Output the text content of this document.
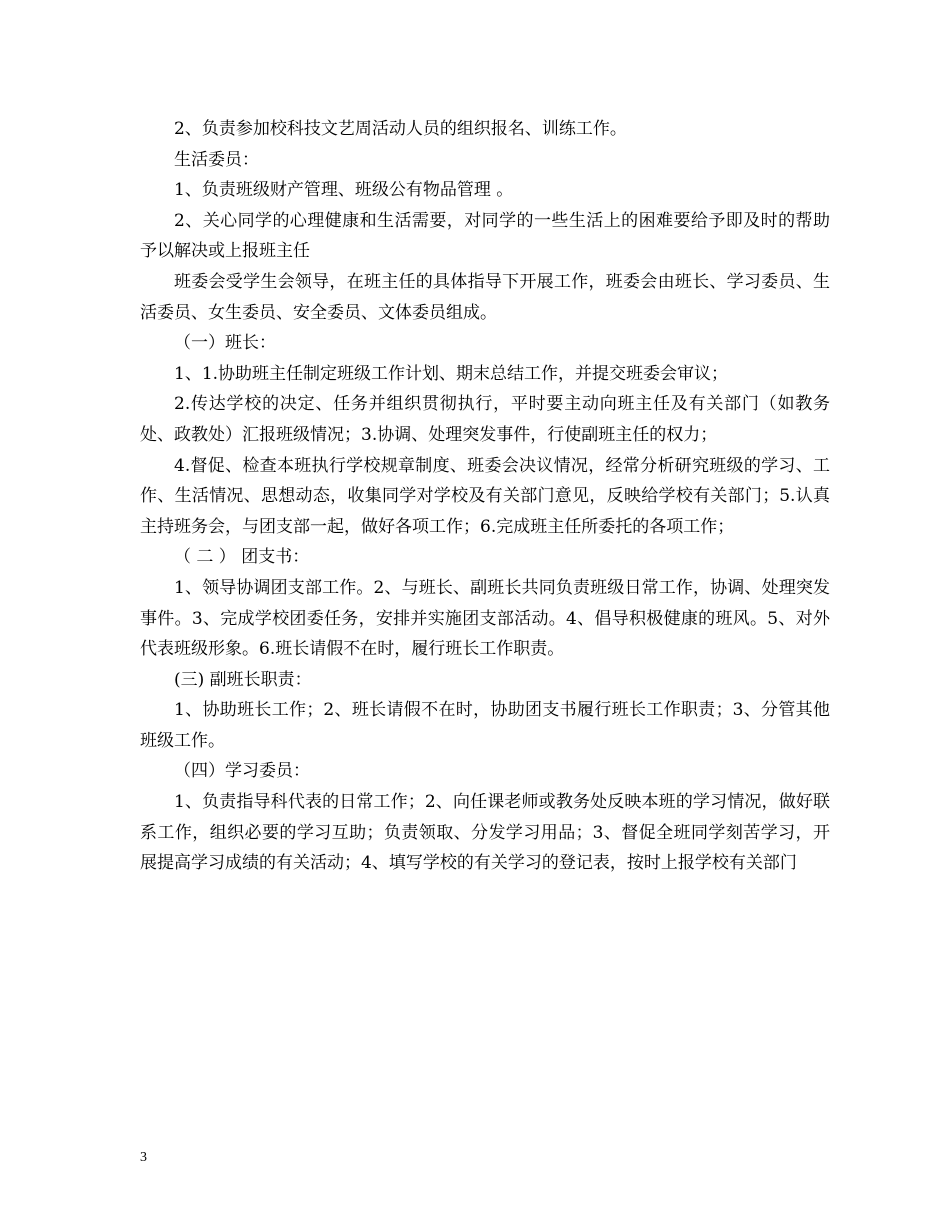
2、负责参加校科技文艺周活动人员的组织报名、训练工作。

生活委员：

1、负责班级财产管理、班级公有物品管理 。

2、关心同学的心理健康和生活需要，对同学的一些生活上的困难要给予即及时的帮助予以解决或上报班主任

班委会受学生会领导，在班主任的具体指导下开展工作，班委会由班长、学习委员、生活委员、女生委员、安全委员、文体委员组成。

（一）班长：

1、1.协助班主任制定班级工作计划、期末总结工作，并提交班委会审议；

2.传达学校的决定、任务并组织贯彻执行，平时要主动向班主任及有关部门（如教务处、政教处）汇报班级情况；3.协调、处理突发事件，行使副班主任的权力；

4.督促、检查本班执行学校规章制度、班委会决议情况，经常分析研究班级的学习、工作、生活情况、思想动态，收集同学对学校及有关部门意见，反映给学校有关部门；5.认真主持班务会，与团支部一起，做好各项工作；6.完成班主任所委托的各项工作；

（ 二 ） 团支书：

1、领导协调团支部工作。2、与班长、副班长共同负责班级日常工作，协调、处理突发事件。3、完成学校团委任务，安排并实施团支部活动。4、倡导积极健康的班风。5、对外代表班级形象。6.班长请假不在时，履行班长工作职责。

(三) 副班长职责：

1、协助班长工作；2、班长请假不在时，协助团支书履行班长工作职责；3、分管其他 班级工作。

（四）学习委员：

1、负责指导科代表的日常工作；2、向任课老师或教务处反映本班的学习情况，做好联系工作，组织必要的学习互助；负责领取、分发学习用品；3、督促全班同学刻苦学习，开展提高学习成绩的有关活动；4、填写学校的有关学习的登记表，按时上报学校有关部门

3
